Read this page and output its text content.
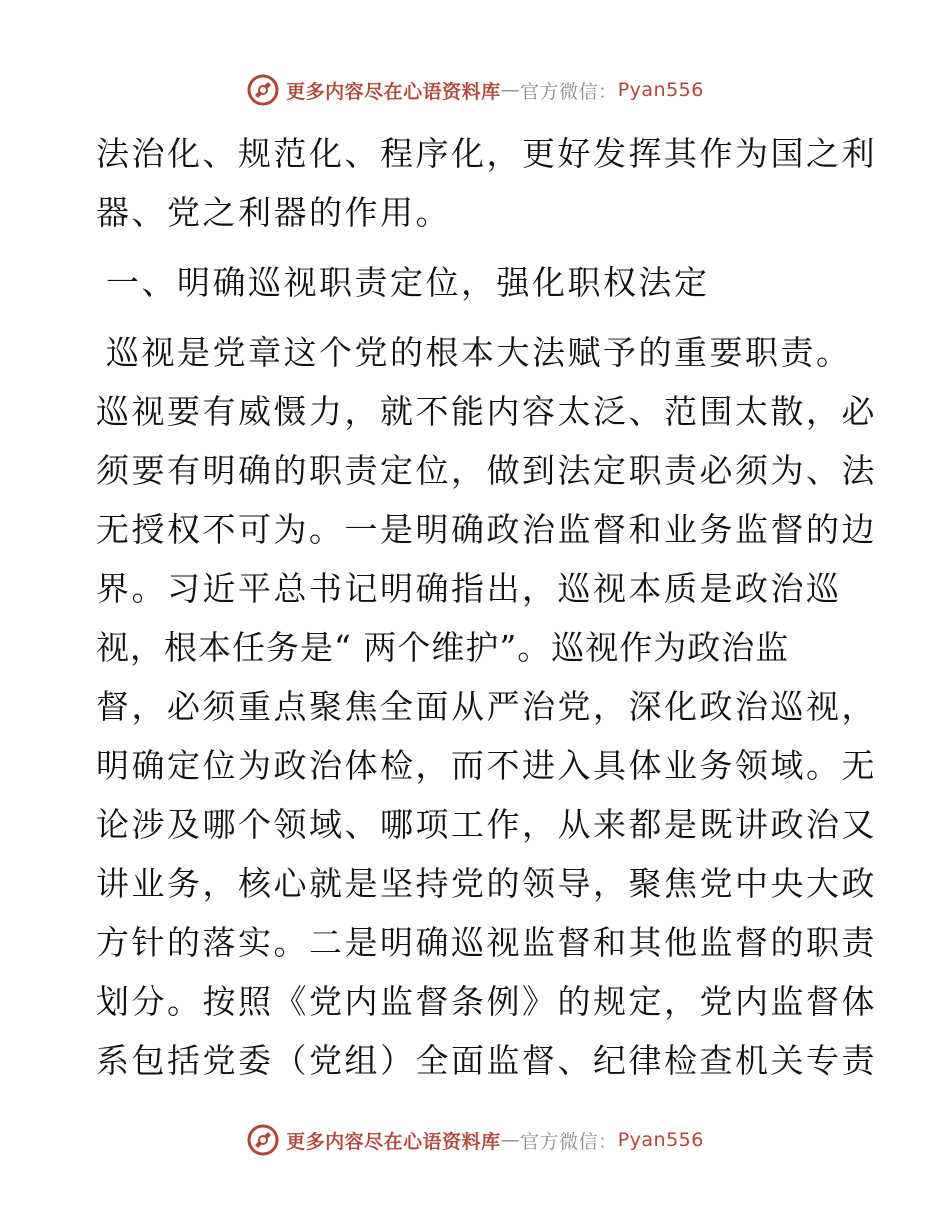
更多内容尽在心语资料库 — 官方微信： Pyan556
法治化、规范化、程序化，更好发挥其作为国之利
器、党之利器的作用。
一、明确巡视职责定位，强化职权法定
巡视是党章这个党的根本大法赋予的重要职责。
巡视要有威慑力，就不能内容太泛、范围太散，必
须要有明确的职责定位，做到法定职责必须为、法
无授权不可为。一是明确政治监督和业务监督的边
界。习近平总书记明确指出，巡视本质是政治巡
视，根本任务是“ 两个维护”。巡视作为政治监
督，必须重点聚焦全面从严治党，深化政治巡视，
明确定位为政治体检，而不进入具体业务领域。无
论涉及哪个领域、哪项工作，从来都是既讲政治又
讲业务，核心就是坚持党的领导，聚焦党中央大政
方针的落实。二是明确巡视监督和其他监督的职责
划分。按照《党内监督条例》的规定，党内监督体
系包括党委（党组）全面监督、纪律检查机关专责
更多内容尽在心语资料库 — 官方微信： Pyan556
